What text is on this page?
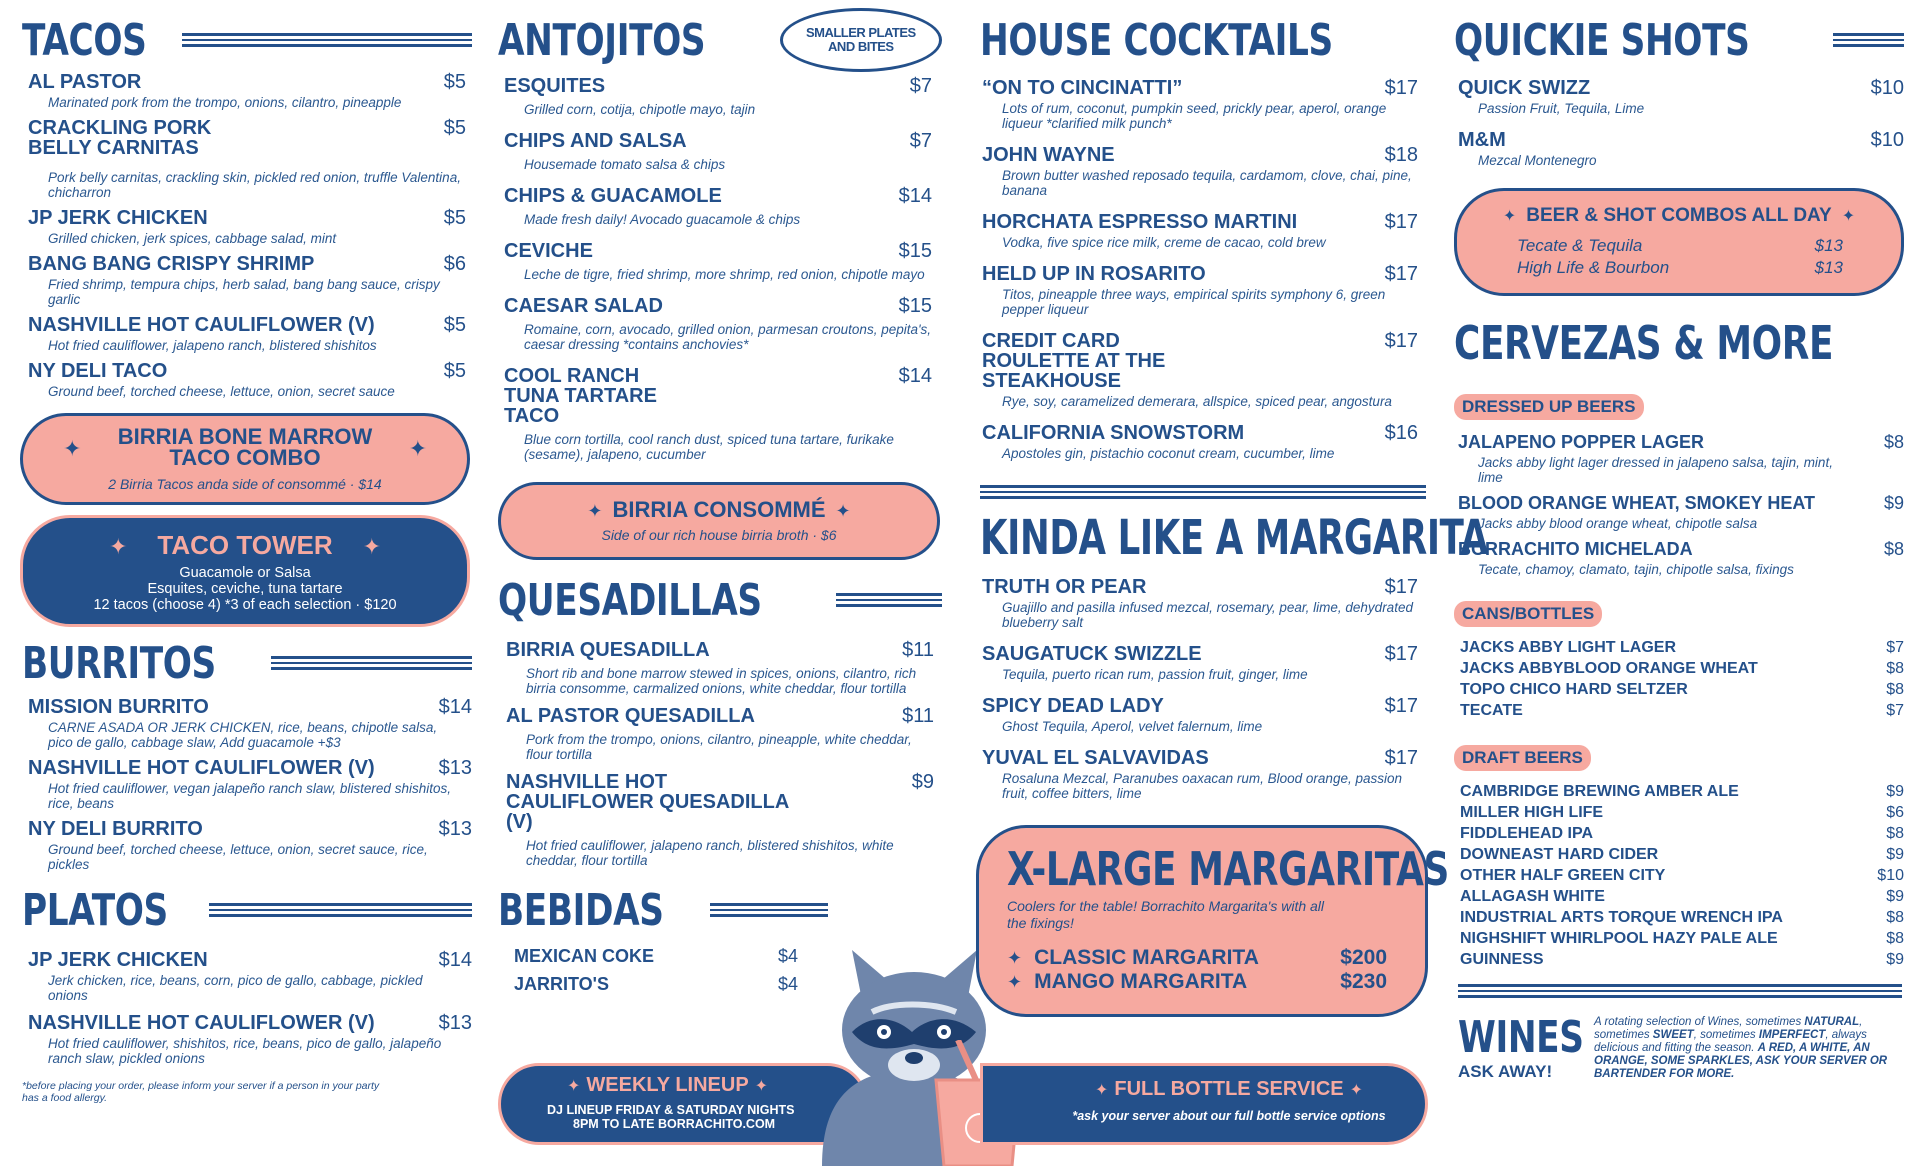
TACOS
AL PASTOR	$5
Marinated pork from the trompo, onions, cilantro, pineapple
CRACKLING PORK BELLY CARNITAS
$5
Pork belly carnitas, crackling skin, pickled red onion, truffle Valentina, chicharron
JP JERK CHICKEN	$5
Grilled chicken, jerk spices, cabbage salad, mint
BANG BANG CRISPY SHRIMP	$6
Fried shrimp, tempura chips, herb salad, bang bang sauce, crispy garlic
NASHVILLE HOT CAULIFLOWER (V)	$5
Hot fried cauliflower, jalapeno ranch, blistered shishitos
NY DELI TACO	$5
Ground beef, torched cheese, lettuce, onion, secret sauce
✦	✦
BIRRIA BONE MARROW TACO COMBO
2 Birria Tacos anda side of consommé · $14
✦ TACO TOWER ✦
Guacamole or Salsa
Esquites, ceviche, tuna tartare
12 tacos (choose 4) *3 of each selection · $120
BURRITOS
MISSION BURRITO	$14
CARNE ASADA OR JERK CHICKEN, rice, beans, chipotle salsa, pico de gallo, cabbage slaw, Add guacamole +$3
NASHVILLE HOT CAULIFLOWER (V)	$13
Hot fried cauliflower, vegan jalapeño ranch slaw, blistered shishitos, rice, beans
NY DELI BURRITO	$13
Ground beef, torched cheese, lettuce, onion, secret sauce, rice, pickles
PLATOS
JP JERK CHICKEN	$14
Jerk chicken, rice, beans, corn, pico de gallo, cabbage, pickled onions
NASHVILLE HOT CAULIFLOWER (V)	$13
Hot fried cauliflower, shishitos, rice, beans, pico de gallo, jalapeño ranch slaw, pickled onions
*before placing your order, please inform your server if a person in your party has a food allergy.
ANTOJITOS	SMALLER PLATES AND BITES
ESQUITES	$7
Grilled corn, cotija, chipotle mayo, tajin
CHIPS AND SALSA	$7
Housemade tomato salsa & chips
CHIPS & GUACAMOLE	$14
Made fresh daily! Avocado guacamole & chips
CEVICHE	$15
Leche de tigre, fried shrimp, more shrimp, red onion, chipotle mayo
CAESAR SALAD	$15
Romaine, corn, avocado, grilled onion, parmesan croutons, pepita's, caesar dressing *contains anchovies*
COOL RANCH TUNA TARTARE TACO
$14
Blue corn tortilla, cool ranch dust, spiced tuna tartare, furikake (sesame), jalapeno, cucumber
✦ BIRRIA CONSOMMÉ ✦
Side of our rich house birria broth · $6
QUESADILLAS
BIRRIA QUESADILLA	$11
Short rib and bone marrow stewed in spices, onions, cilantro, rich birria consomme, carmalized onions, white cheddar, flour tortilla
AL PASTOR QUESADILLA	$11
Pork from the trompo, onions, cilantro, pineapple, white cheddar, flour tortilla
NASHVILLE HOT CAULIFLOWER QUESADILLA (V)
$9
Hot fried cauliflower, jalapeno ranch, blistered shishitos, white cheddar, flour tortilla
BEBIDAS
MEXICAN COKE	$4
JARRITO'S	$4
✦ WEEKLY LINEUP ✦
DJ LINEUP FRIDAY & SATURDAY NIGHTS
8PM TO LATE BORRACHITO.COM
HOUSE COCKTAILS
“ON TO CINCINATTI”	$17
Lots of rum, coconut, pumpkin seed, prickly pear, aperol, orange liqueur *clarified milk punch*
JOHN WAYNE	$18
Brown butter washed reposado tequila, cardamom, clove, chai, pine, banana
HORCHATA ESPRESSO MARTINI	$17
Vodka, five spice rice milk, creme de cacao, cold brew
HELD UP IN ROSARITO	$17
Titos, pineapple three ways, empirical spirits symphony 6, green pepper liqueur
CREDIT CARD ROULETTE AT THE STEAKHOUSE
$17
Rye, soy, caramelized demerara, allspice, spiced pear, angostura
CALIFORNIA SNOWSTORM	$16
Apostoles gin, pistachio coconut cream, cucumber, lime
KINDA LIKE A MARGARITA
TRUTH OR PEAR	$17
Guajillo and pasilla infused mezcal, rosemary, pear, lime, dehydrated blueberry salt
SAUGATUCK SWIZZLE	$17
Tequila, puerto rican rum, passion fruit, ginger, lime
SPICY DEAD LADY	$17
Ghost Tequila, Aperol, velvet falernum, lime
YUVAL EL SALVAVIDAS	$17
Rosaluna Mezcal, Paranubes oaxacan rum, Blood orange, passion fruit, coffee bitters, lime
X-LARGE MARGARITAS
Coolers for the table! Borrachito Margarita's with all the fixings!
✦ CLASSIC MARGARITA	$200
✦ MANGO MARGARITA	$230
✦ FULL BOTTLE SERVICE ✦
*ask your server about our full bottle service options
QUICKIE SHOTS
QUICK SWIZZ	$10
Passion Fruit, Tequila, Lime
M&M	$10
Mezcal Montenegro
✦ BEER & SHOT COMBOS ALL DAY ✦
Tecate & Tequila	$13
High Life & Bourbon	$13
CERVEZAS & MORE
DRESSED UP BEERS
JALAPENO POPPER LAGER	$8
Jacks abby light lager dressed in jalapeno salsa, tajin, mint, lime
BLOOD ORANGE WHEAT, SMOKEY HEAT	$9
Jacks abby blood orange wheat, chipotle salsa
BORRACHITO MICHELADA	$8
Tecate, chamoy, clamato, tajin, chipotle salsa, fixings
CANS/BOTTLES
JACKS ABBY LIGHT LAGER	$7
JACKS ABBYBLOOD ORANGE WHEAT	$8
TOPO CHICO HARD SELTZER	$8
TECATE	$7
DRAFT BEERS
CAMBRIDGE BREWING AMBER ALE	$9
MILLER HIGH LIFE	$6
FIDDLEHEAD IPA	$8
DOWNEAST HARD CIDER	$9
OTHER HALF GREEN CITY	$10
ALLAGASH WHITE	$9
INDUSTRIAL ARTS TORQUE WRENCH IPA	$8
NIGHSHIFT WHIRLPOOL HAZY PALE ALE	$8
GUINNESS	$9
WINES
ASK AWAY!
A rotating selection of Wines, sometimes NATURAL, sometimes SWEET, sometimes IMPERFECT, always delicious and fitting the season. A RED, A WHITE, AN ORANGE, SOME SPARKLES, ASK YOUR SERVER OR BARTENDER FOR MORE.
